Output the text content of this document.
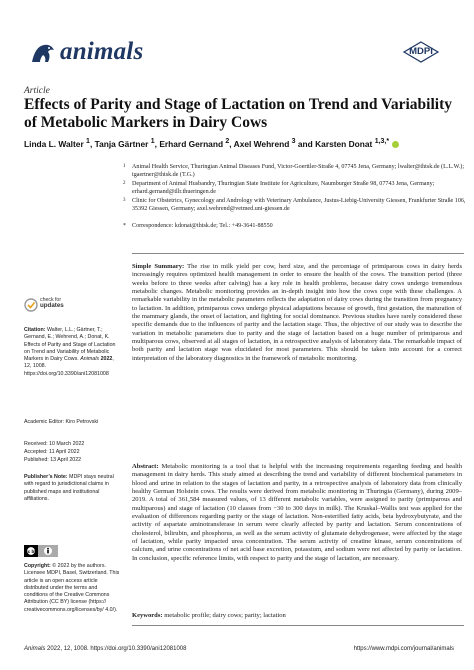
animals	MDPI
Article
Effects of Parity and Stage of Lactation on Trend and Variability of Metabolic Markers in Dairy Cows
Linda L. Walter $^1$, Tanja Gärtner $^1$, Erhard Gernand $^2$, Axel Wehrend $^3$ and Karsten Donat $^{1,3,*}$
1 Animal Health Service, Thuringian Animal Diseases Fund, Victor-Goerttler-Straße 4, 07745 Jena, Germany; lwalter@thtsk.de (L.L.W.); tgaertner@thtsk.de (T.G.)
2 Department of Animal Husbandry, Thuringian State Institute for Agriculture, Naumburger Straße 98, 07743 Jena, Germany; erhard.gernand@tllr.thueringen.de
3 Clinic for Obstetrics, Gynecology and Andrology with Veterinary Ambulance, Justus-Liebig-University Giessen, Frankfurter Straße 106, 35392 Giessen, Germany; axel.wehrend@vetmed.uni-giessen.de
* Correspondence: kdonat@thtsk.de; Tel.: +49-3641-88550
Simple Summary: The rise in milk yield per cow, herd size, and the percentage of primiparous cows in dairy herds increasingly requires optimized health management in order to ensure the health of the cows. The transition period (three weeks before to three weeks after calving) has a key role in health problems, because dairy cows undergo tremendous metabolic changes. Metabolic monitoring provides an in-depth insight into how the cows cope with these challenges. A remarkable variability in the metabolic parameters reflects the adaptation of dairy cows during the transition from pregnancy to lactation. In addition, primiparous cows undergo physical adaptations because of growth, first gestation, the maturation of the mammary glands, the onset of lactation, and fighting for social dominance. Previous studies have rarely considered these specific demands due to the influences of parity and the lactation stage. Thus, the objective of our study was to describe the variation in metabolic parameters due to parity and the stage of lactation based on a huge number of primiparous and multiparous cows, observed at all stages of lactation, in a retrospective analysis of laboratory data. The remarkable impact of both parity and lactation stage was elucidated for most parameters. This should be taken into account for a correct interpretation of the laboratory diagnostics in the framework of metabolic monitoring.
Abstract: Metabolic monitoring is a tool that is helpful with the increasing requirements regarding feeding and health management in dairy herds. This study aimed at describing the trend and variability of different biochemical parameters in blood and urine in relation to the stages of lactation and parity, in a retrospective analysis of laboratory data from clinically healthy German Holstein cows. The results were derived from metabolic monitoring in Thuringia (Germany), during 2009–2019. A total of 361,584 measured values, of 13 different metabolic variables, were assigned to parity (primiparous and multiparous) and stage of lactation (10 classes from −30 to 300 days in milk). The Kruskal–Wallis test was applied for the evaluation of differences regarding parity or the stage of lactation. Non-esterified fatty acids, beta hydroxybutyrate, and the activity of aspartate aminotransferase in serum were clearly affected by parity and lactation. Serum concentrations of cholesterol, bilirubin, and phosphorus, as well as the serum activity of glutamate dehydrogenase, were affected by the stage of lactation, while parity impacted urea concentration. The serum activity of creatine kinase, serum concentrations of calcium, and urine concentrations of net acid base excretion, potassium, and sodium were not affected by parity or lactation. In conclusion, specific reference limits, with respect to parity and the stage of lactation, are necessary.
Keywords: metabolic profile; dairy cows; parity; lactation
check for
updates
Citation: Walter, L.L.; Gärtner, T.; Gernand, E.; Wehrend, A.; Donat, K. Effects of Parity and Stage of Lactation on Trend and Variability of Metabolic Markers in Dairy Cows. Animals 2022, 12, 1008. https://doi.org/10.3390/ani12081008
Academic Editor: Kiro Petrovski
Received: 10 March 2022
Accepted: 11 April 2022
Published: 13 April 2022
Publisher’s Note: MDPI stays neutral with regard to jurisdictional claims in published maps and institutional affiliations.
cc by
Copyright: © 2022 by the authors. Licensee MDPI, Basel, Switzerland. This article is an open access article distributed under the terms and conditions of the Creative Commons Attribution (CC BY) license (https:// creativecommons.org/licenses/by/ 4.0/).
Animals 2022, 12, 1008. https://doi.org/10.3390/ani12081008	https://www.mdpi.com/journal/animals
